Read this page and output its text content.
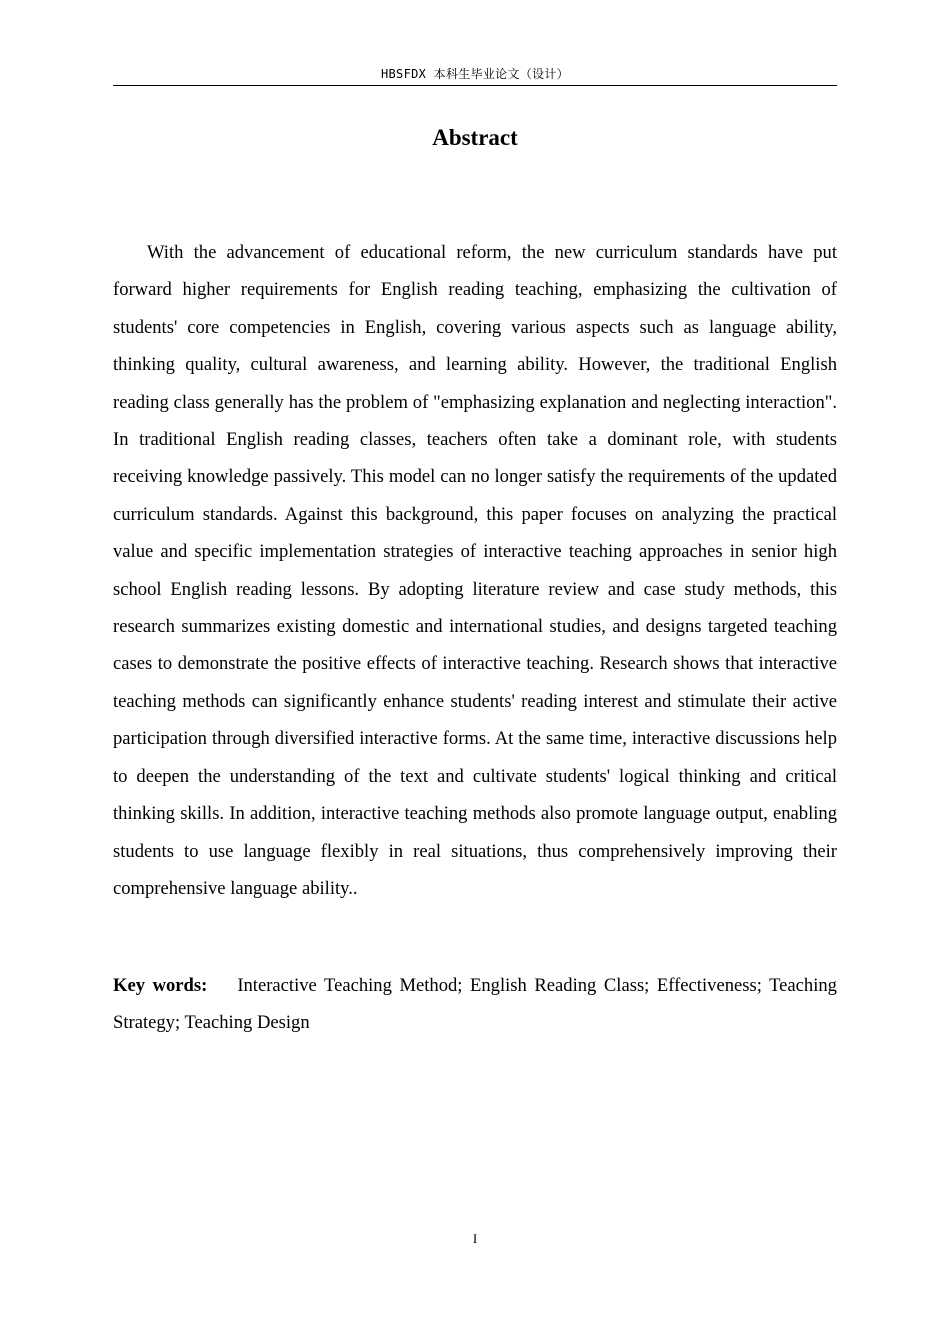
HBSFDX 本科生毕业论文（设计）
Abstract

With the advancement of educational reform, the new curriculum standards have put forward higher requirements for English reading teaching, emphasizing the cultivation of students' core competencies in English, covering various aspects such as language ability, thinking quality, cultural awareness, and learning ability. However, the traditional English reading class generally has the problem of "emphasizing explanation and neglecting interaction". In traditional English reading classes, teachers often take a dominant role, with students receiving knowledge passively. This model can no longer satisfy the requirements of the updated curriculum standards. Against this background, this paper focuses on analyzing the practical value and specific implementation strategies of interactive teaching approaches in senior high school English reading lessons. By adopting literature review and case study methods, this research summarizes existing domestic and international studies, and designs targeted teaching cases to demonstrate the positive effects of interactive teaching. Research shows that interactive teaching methods can significantly enhance students' reading interest and stimulate their active participation through diversified interactive forms. At the same time, interactive discussions help to deepen the understanding of the text and cultivate students' logical thinking and critical thinking skills. In addition, interactive teaching methods also promote language output, enabling students to use language flexibly in real situations, thus comprehensively improving their comprehensive language ability..

Key words: Interactive Teaching Method; English Reading Class; Effectiveness; Teaching Strategy; Teaching Design

I
